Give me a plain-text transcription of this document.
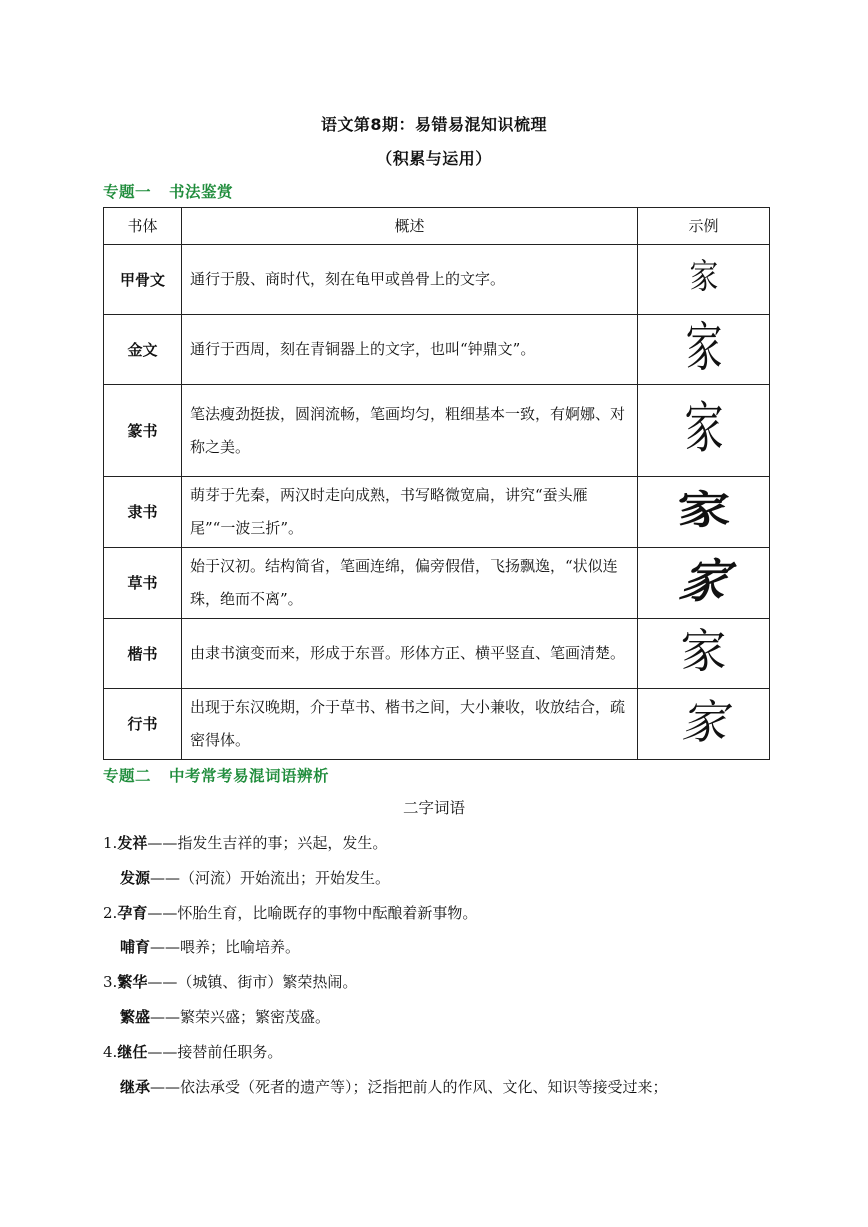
语文第8期：易错易混知识梳理
（积累与运用）
专题一 书法鉴赏
书体	概述	示例
甲骨文	通行于殷、商时代，刻在龟甲或兽骨上的文字。	家
金文	通行于西周，刻在青铜器上的文字，也叫“钟鼎文”。	家
篆书	笔法瘦劲挺拔，圆润流畅，笔画均匀，粗细基本一致，有婀娜、对称之美。	家
隶书	萌芽于先秦，两汉时走向成熟，书写略微宽扁，讲究“蚕头雁尾”“一波三折”。	家
草书	始于汉初。结构简省，笔画连绵，偏旁假借，飞扬飘逸，“状似连珠，绝而不离”。	家
楷书	由隶书演变而来，形成于东晋。形体方正、横平竖直、笔画清楚。	家
行书	出现于东汉晚期，介于草书、楷书之间，大小兼收，收放结合，疏密得体。	家
专题二 中考常考易混词语辨析
二字词语
1.发祥——指发生吉祥的事；兴起，发生。
发源——（河流）开始流出；开始发生。
2.孕育——怀胎生育，比喻既存的事物中酝酿着新事物。
哺育——喂养；比喻培养。
3.繁华——（城镇、街市）繁荣热闹。
繁盛——繁荣兴盛；繁密茂盛。
4.继任——接替前任职务。
继承——依法承受（死者的遗产等）；泛指把前人的作风、文化、知识等接受过来；
